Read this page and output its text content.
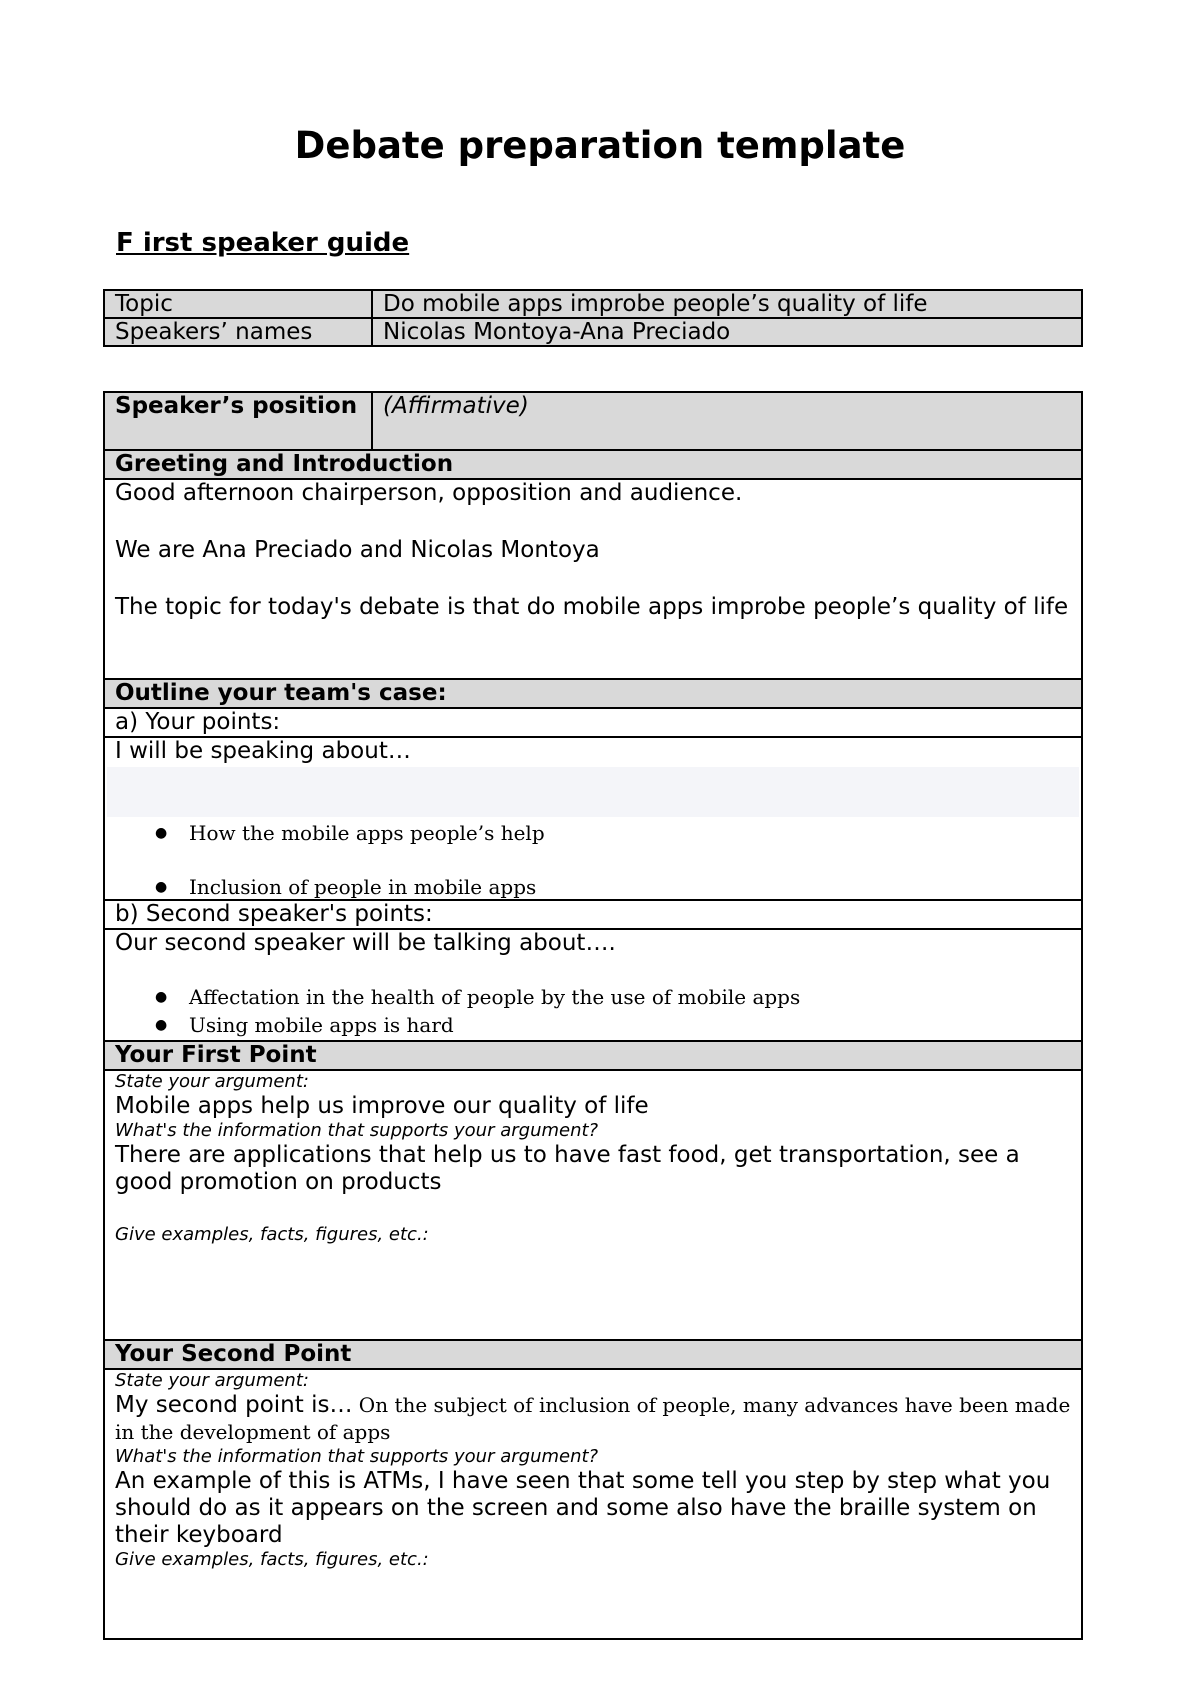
Debate preparation template
F irst speaker guide
Topic	Do mobile apps improbe people’s quality of life
Speakers’ names	Nicolas Montoya-Ana Preciado
Speaker’s position	(Affirmative)
Greeting and Introduction

Good afternoon chairperson, opposition and audience.

We are Ana Preciado and Nicolas Montoya

The topic for today's debate is that do mobile apps improbe people’s quality of life

Outline your team's case:
a) Your points:

I will be speaking about…

● How the mobile apps people’s help
● Inclusion of people in mobile apps

b) Second speaker's points:

Our second speaker will be talking about….

● Affectation in the health of people by the use of mobile apps
● Using mobile apps is hard

Your First Point

State your argument:

Mobile apps help us improve our quality of life

What's the information that supports your argument?

There are applications that help us to have fast food, get transportation, see a good promotion on products

Give examples, facts, figures, etc.:

Your Second Point

State your argument:

My second point is… On the subject of inclusion of people, many advances have been made in the development of apps

What's the information that supports your argument?

An example of this is ATMs, I have seen that some tell you step by step what you should do as it appears on the screen and some also have the braille system on their keyboard

Give examples, facts, figures, etc.:
